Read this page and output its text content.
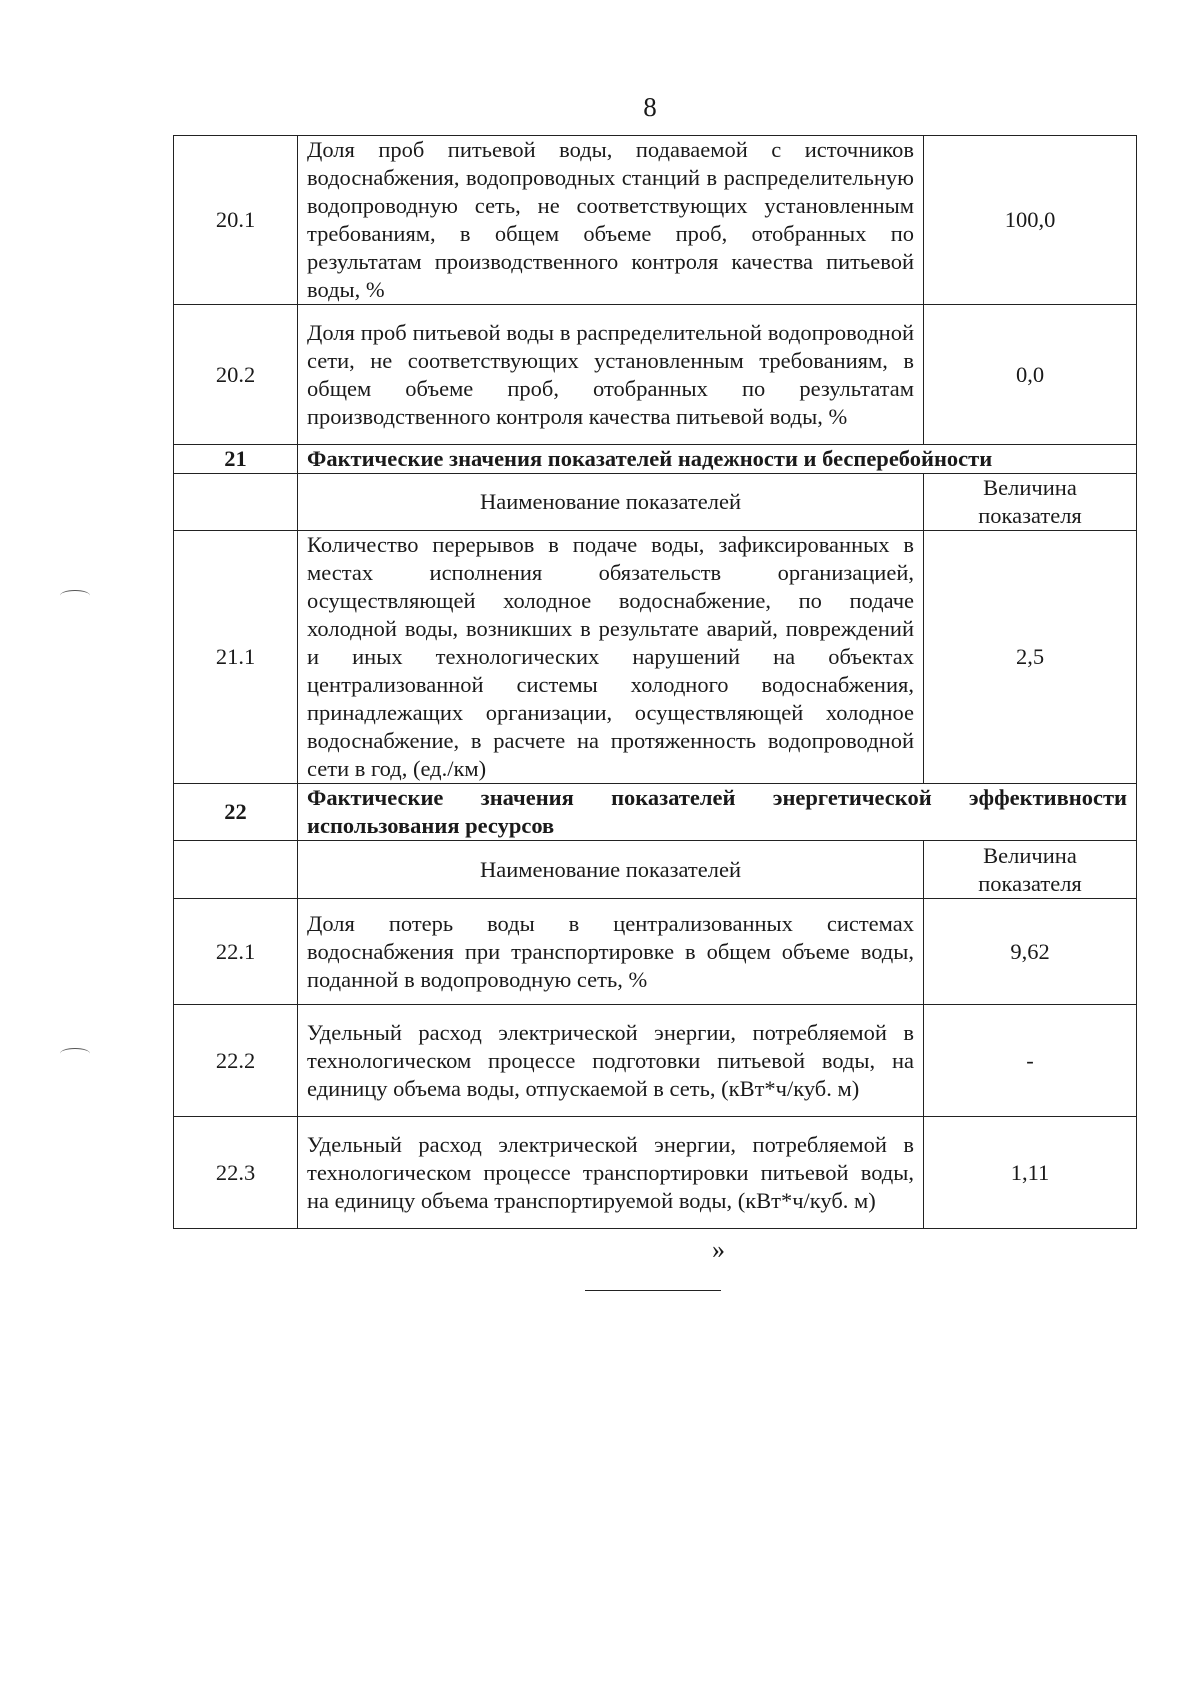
8
20.1	Доля проб питьевой воды, подаваемой с источников водоснабжения, водопроводных станций в распределительную водопроводную сеть, не соответствующих установленным требованиям, в общем объеме проб, отобранных по результатам производственного контроля качества питьевой воды, %	100,0
20.2	Доля проб питьевой воды в распределительной водопроводной сети, не соответствующих установленным требованиям, в общем объеме проб, отобранных по результатам производственного контроля качества питьевой воды, %	0,0
21	Фактические значения показателей надежности и бесперебойности	
	Наименование показателей	Величина показателя
21.1	Количество перерывов в подаче воды, зафиксированных в местах исполнения обязательств организацией, осуществляющей холодное водоснабжение, по подаче холодной воды, возникших в результате аварий, повреждений и иных технологических нарушений на объектах централизованной системы холодного водоснабжения, принадлежащих организации, осуществляющей холодное водоснабжение, в расчете на протяженность водопроводной сети в год, (ед./км)	2,5
22	Фактические значения показателей энергетической эффективности использования ресурсов	
	Наименование показателей	Величина показателя
22.1	Доля потерь воды в централизованных системах водоснабжения при транспортировке в общем объеме воды, поданной в водопроводную сеть, %	9,62
22.2	Удельный расход электрической энергии, потребляемой в технологическом процессе подготовки питьевой воды, на единицу объема воды, отпускаемой в сеть, (кВт*ч/куб. м)	-
22.3	Удельный расход электрической энергии, потребляемой в технологическом процессе транспортировки питьевой воды, на единицу объема транспортируемой воды, (кВт*ч/куб. м)	1,11
»
